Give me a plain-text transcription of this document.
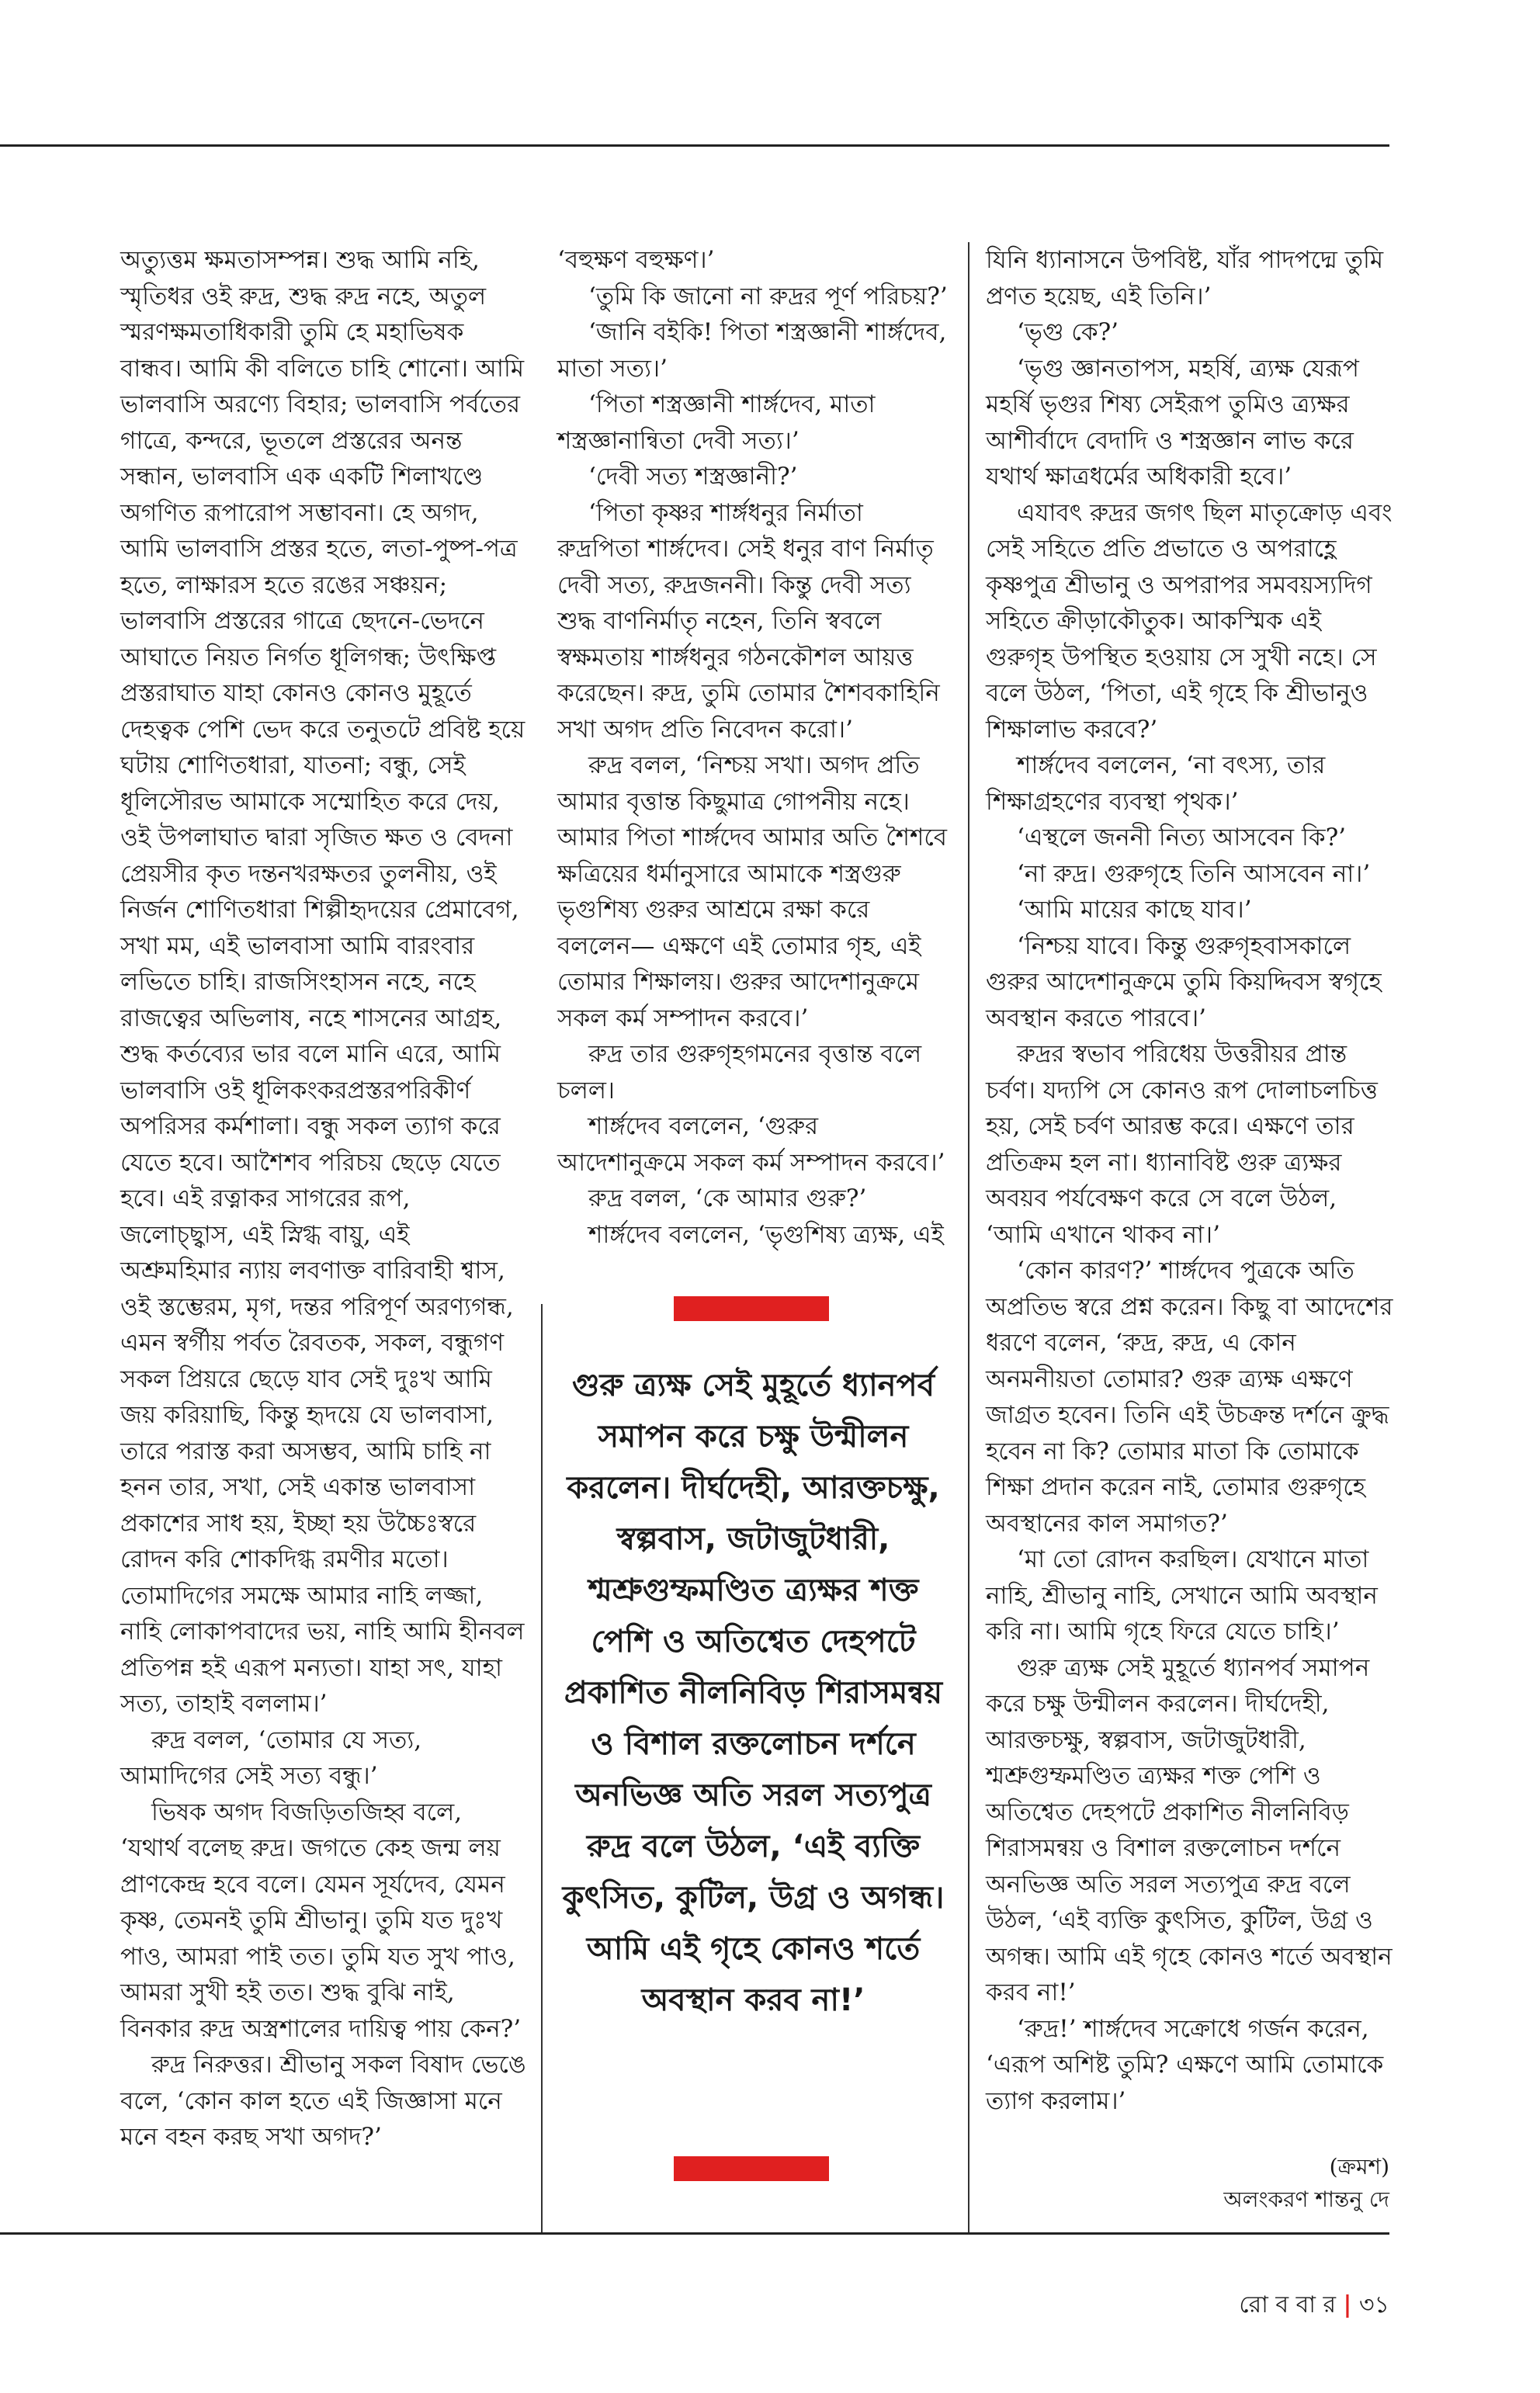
অত্যুত্তম ক্ষমতাসম্পন্ন। শুদ্ধ আমি নহি, স্মৃতিধর ওই রুদ্র, শুদ্ধ রুদ্র নহে, অতুল স্মরণক্ষমতাধিকারী তুমি হে মহাভিষক বান্ধব। আমি কী বলিতে চাহি শোনো। আমি ভালবাসি অরণ্যে বিহার; ভালবাসি পর্বতের গাত্রে, কন্দরে, ভূতলে প্রস্তরের অনন্ত সন্ধান, ভালবাসি এক একটি শিলাখণ্ডে অগণিত রূপারোপ সম্ভাবনা। হে অগদ, আমি ভালবাসি প্রস্তর হতে, লতা-পুষ্প-পত্র হতে, লাক্ষারস হতে রঙের সঞ্চয়ন; ভালবাসি প্রস্তরের গাত্রে ছেদনে-ভেদনে আঘাতে নিয়ত নির্গত ধূলিগন্ধ; উৎক্ষিপ্ত প্রস্তরাঘাত যাহা কোনও কোনও মুহূর্তে দেহত্বক পেশি ভেদ করে তনুতটে প্রবিষ্ট হয়ে ঘটায় শোণিতধারা, যাতনা; বন্ধু, সেই ধূলিসৌরভ আমাকে সম্মোহিত করে দেয়, ওই উপলাঘাত দ্বারা সৃজিত ক্ষত ও বেদনা প্রেয়সীর কৃত দন্তনখরক্ষতর তুলনীয়, ওই নির্জন শোণিতধারা শিল্পীহৃদয়ের প্রেমাবেগ, সখা মম, এই ভালবাসা আমি বারংবার লভিতে চাহি। রাজসিংহাসন নহে, নহে রাজত্বের অভিলাষ, নহে শাসনের আগ্রহ, শুদ্ধ কর্তব্যের ভার বলে মানি এরে, আমি ভালবাসি ওই ধূলিকংকরপ্রস্তরপরিকীর্ণ অপরিসর কর্মশালা। বন্ধু সকল ত্যাগ করে যেতে হবে। আশৈশব পরিচয় ছেড়ে যেতে হবে। এই রত্নাকর সাগরের রূপ, জলোচ্ছ্বাস, এই স্নিগ্ধ বায়ু, এই অশ্রুমহিমার ন্যায় লবণাক্ত বারিবাহী শ্বাস, ওই স্তম্ভেরম, মৃগ, দন্তর পরিপূর্ণ অরণ্যগন্ধ, এমন স্বর্গীয় পর্বত রৈবতক, সকল, বন্ধুগণ সকল প্রিয়রে ছেড়ে যাব সেই দুঃখ আমি জয় করিয়াছি, কিন্তু হৃদয়ে যে ভালবাসা, তারে পরাস্ত করা অসম্ভব, আমি চাহি না হনন তার, সখা, সেই একান্ত ভালবাসা প্রকাশের সাধ হয়, ইচ্ছা হয় উচ্চৈঃস্বরে রোদন করি শোকদিগ্ধ রমণীর মতো। তোমাদিগের সমক্ষে আমার নাহি লজ্জা, নাহি লোকাপবাদের ভয়, নাহি আমি হীনবল প্রতিপন্ন হই এরূপ মন্যতা। যাহা সৎ, যাহা সত্য, তাহাই বললাম।’

রুদ্র বলল, ‘তোমার যে সত্য, আমাদিগের সেই সত্য বন্ধু।’

ভিষক অগদ বিজড়িতজিহ্ব বলে, ‘যথার্থ বলেছ রুদ্র। জগতে কেহ জন্ম লয় প্রাণকেন্দ্র হবে বলে। যেমন সূর্যদেব, যেমন কৃষ্ণ, তেমনই তুমি শ্রীভানু। তুমি যত দুঃখ পাও, আমরা পাই তত। তুমি যত সুখ পাও, আমরা সুখী হই তত। শুদ্ধ বুঝি নাই, বিনকার রুদ্র অস্ত্রশালের দায়িত্ব পায় কেন?’

রুদ্র নিরুত্তর। শ্রীভানু সকল বিষাদ ভেঙে বলে, ‘কোন কাল হতে এই জিজ্ঞাসা মনে মনে বহন করছ সখা অগদ?’

‘বহুক্ষণ বহুক্ষণ।’

‘তুমি কি জানো না রুদ্রর পূর্ণ পরিচয়?’

‘জানি বইকি! পিতা শস্ত্রজ্ঞানী শার্ঙ্গদেব, মাতা সত্য।’

‘পিতা শস্ত্রজ্ঞানী শার্ঙ্গদেব, মাতা শস্ত্রজ্ঞানান্বিতা দেবী সত্য।’

‘দেবী সত্য শস্ত্রজ্ঞানী?’

‘পিতা কৃষ্ণর শার্ঙ্গধনুর নির্মাতা রুদ্রপিতা শার্ঙ্গদেব। সেই ধনুর বাণ নির্মাতৃ দেবী সত্য, রুদ্রজননী। কিন্তু দেবী সত্য শুদ্ধ বাণনির্মাতৃ নহেন, তিনি স্ববলে স্বক্ষমতায় শার্ঙ্গধনুর গঠনকৌশল আয়ত্ত করেছেন। রুদ্র, তুমি তোমার শৈশবকাহিনি সখা অগদ প্রতি নিবেদন করো।’

রুদ্র বলল, ‘নিশ্চয় সখা। অগদ প্রতি আমার বৃত্তান্ত কিছুমাত্র গোপনীয় নহে। আমার পিতা শার্ঙ্গদেব আমার অতি শৈশবে ক্ষত্রিয়ের ধর্মানুসারে আমাকে শস্ত্রগুরু ভৃগুশিষ্য গুরুর আশ্রমে রক্ষা করে বললেন— এক্ষণে এই তোমার গৃহ, এই তোমার শিক্ষালয়। গুরুর আদেশানুক্রমে সকল কর্ম সম্পাদন করবে।’

রুদ্র তার গুরুগৃহগমনের বৃত্তান্ত বলে চলল।

শার্ঙ্গদেব বললেন, ‘গুরুর আদেশানুক্রমে সকল কর্ম সম্পাদন করবে।’

রুদ্র বলল, ‘কে আমার গুরু?’

শার্ঙ্গদেব বললেন, ‘ভৃগুশিষ্য ত্র্যক্ষ, এই

গুরু ত্র্যক্ষ সেই মুহূর্তে ধ্যানপর্ব সমাপন করে চক্ষু উন্মীলন করলেন। দীর্ঘদেহী, আরক্তচক্ষু, স্বল্পবাস, জটাজুটধারী, শ্মশ্রুগুম্ফমণ্ডিত ত্র্যক্ষর শক্ত পেশি ও অতিশ্বেত দেহপটে প্রকাশিত নীলনিবিড় শিরাসমন্বয় ও বিশাল রক্তলোচন দর্শনে অনভিজ্ঞ অতি সরল সত্যপুত্র রুদ্র বলে উঠল, ‘এই ব্যক্তি কুৎসিত, কুটিল, উগ্র ও অগন্ধ। আমি এই গৃহে কোনও শর্তে অবস্থান করব না!’

যিনি ধ্যানাসনে উপবিষ্ট, যাঁর পাদপদ্মে তুমি প্রণত হয়েছ, এই তিনি।’

‘ভৃগু কে?’

‘ভৃগু জ্ঞানতাপস, মহর্ষি, ত্র্যক্ষ যেরূপ মহর্ষি ভৃগুর শিষ্য সেইরূপ তুমিও ত্র্যক্ষর আশীর্বাদে বেদাদি ও শস্ত্রজ্ঞান লাভ করে যথার্থ ক্ষাত্রধর্মের অধিকারী হবে।’

এযাবৎ রুদ্রর জগৎ ছিল মাতৃক্রোড় এবং সেই সহিতে প্রতি প্রভাতে ও অপরাহ্ণে কৃষ্ণপুত্র শ্রীভানু ও অপরাপর সমবয়স্যদিগ সহিতে ক্রীড়াকৌতুক। আকস্মিক এই গুরুগৃহ উপস্থিত হওয়ায় সে সুখী নহে। সে বলে উঠল, ‘পিতা, এই গৃহে কি শ্রীভানুও শিক্ষালাভ করবে?’

শার্ঙ্গদেব বললেন, ‘না বৎস্য, তার শিক্ষাগ্রহণের ব্যবস্থা পৃথক।’

‘এস্থলে জননী নিত্য আসবেন কি?’

‘না রুদ্র। গুরুগৃহে তিনি আসবেন না।’

‘আমি মায়ের কাছে যাব।’

‘নিশ্চয় যাবে। কিন্তু গুরুগৃহবাসকালে গুরুর আদেশানুক্রমে তুমি কিয়দ্দিবস স্বগৃহে অবস্থান করতে পারবে।’

রুদ্রর স্বভাব পরিধেয় উত্তরীয়র প্রান্ত চর্বণ। যদ্যপি সে কোনও রূপ দোলাচলচিত্ত হয়, সেই চর্বণ আরম্ভ করে। এক্ষণে তার প্রতিক্রম হল না। ধ্যানাবিষ্ট গুরু ত্র্যক্ষর অবয়ব পর্যবেক্ষণ করে সে বলে উঠল, ‘আমি এখানে থাকব না।’

‘কোন কারণ?’ শার্ঙ্গদেব পুত্রকে অতি অপ্রতিভ স্বরে প্রশ্ন করেন। কিছু বা আদেশের ধরণে বলেন, ‘রুদ্র, রুদ্র, এ কোন অনমনীয়তা তোমার? গুরু ত্র্যক্ষ এক্ষণে জাগ্রত হবেন। তিনি এই উচক্রন্ত দর্শনে ক্রুদ্ধ হবেন না কি? তোমার মাতা কি তোমাকে শিক্ষা প্রদান করেন নাই, তোমার গুরুগৃহে অবস্থানের কাল সমাগত?’

‘মা তো রোদন করছিল। যেখানে মাতা নাহি, শ্রীভানু নাহি, সেখানে আমি অবস্থান করি না। আমি গৃহে ফিরে যেতে চাহি।’

গুরু ত্র্যক্ষ সেই মুহূর্তে ধ্যানপর্ব সমাপন করে চক্ষু উন্মীলন করলেন। দীর্ঘদেহী, আরক্তচক্ষু, স্বল্পবাস, জটাজুটধারী, শ্মশ্রুগুম্ফমণ্ডিত ত্র্যক্ষর শক্ত পেশি ও অতিশ্বেত দেহপটে প্রকাশিত নীলনিবিড় শিরাসমন্বয় ও বিশাল রক্তলোচন দর্শনে অনভিজ্ঞ অতি সরল সত্যপুত্র রুদ্র বলে উঠল, ‘এই ব্যক্তি কুৎসিত, কুটিল, উগ্র ও অগন্ধ। আমি এই গৃহে কোনও শর্তে অবস্থান করব না!’

‘রুদ্র!’ শার্ঙ্গদেব সক্রোধে গর্জন করেন, ‘এরূপ অশিষ্ট তুমি? এক্ষণে আমি তোমাকে ত্যাগ করলাম।’

(ক্রমশ)
অলংকরণ শান্তনু দে
রো ব বা র | ৩১
